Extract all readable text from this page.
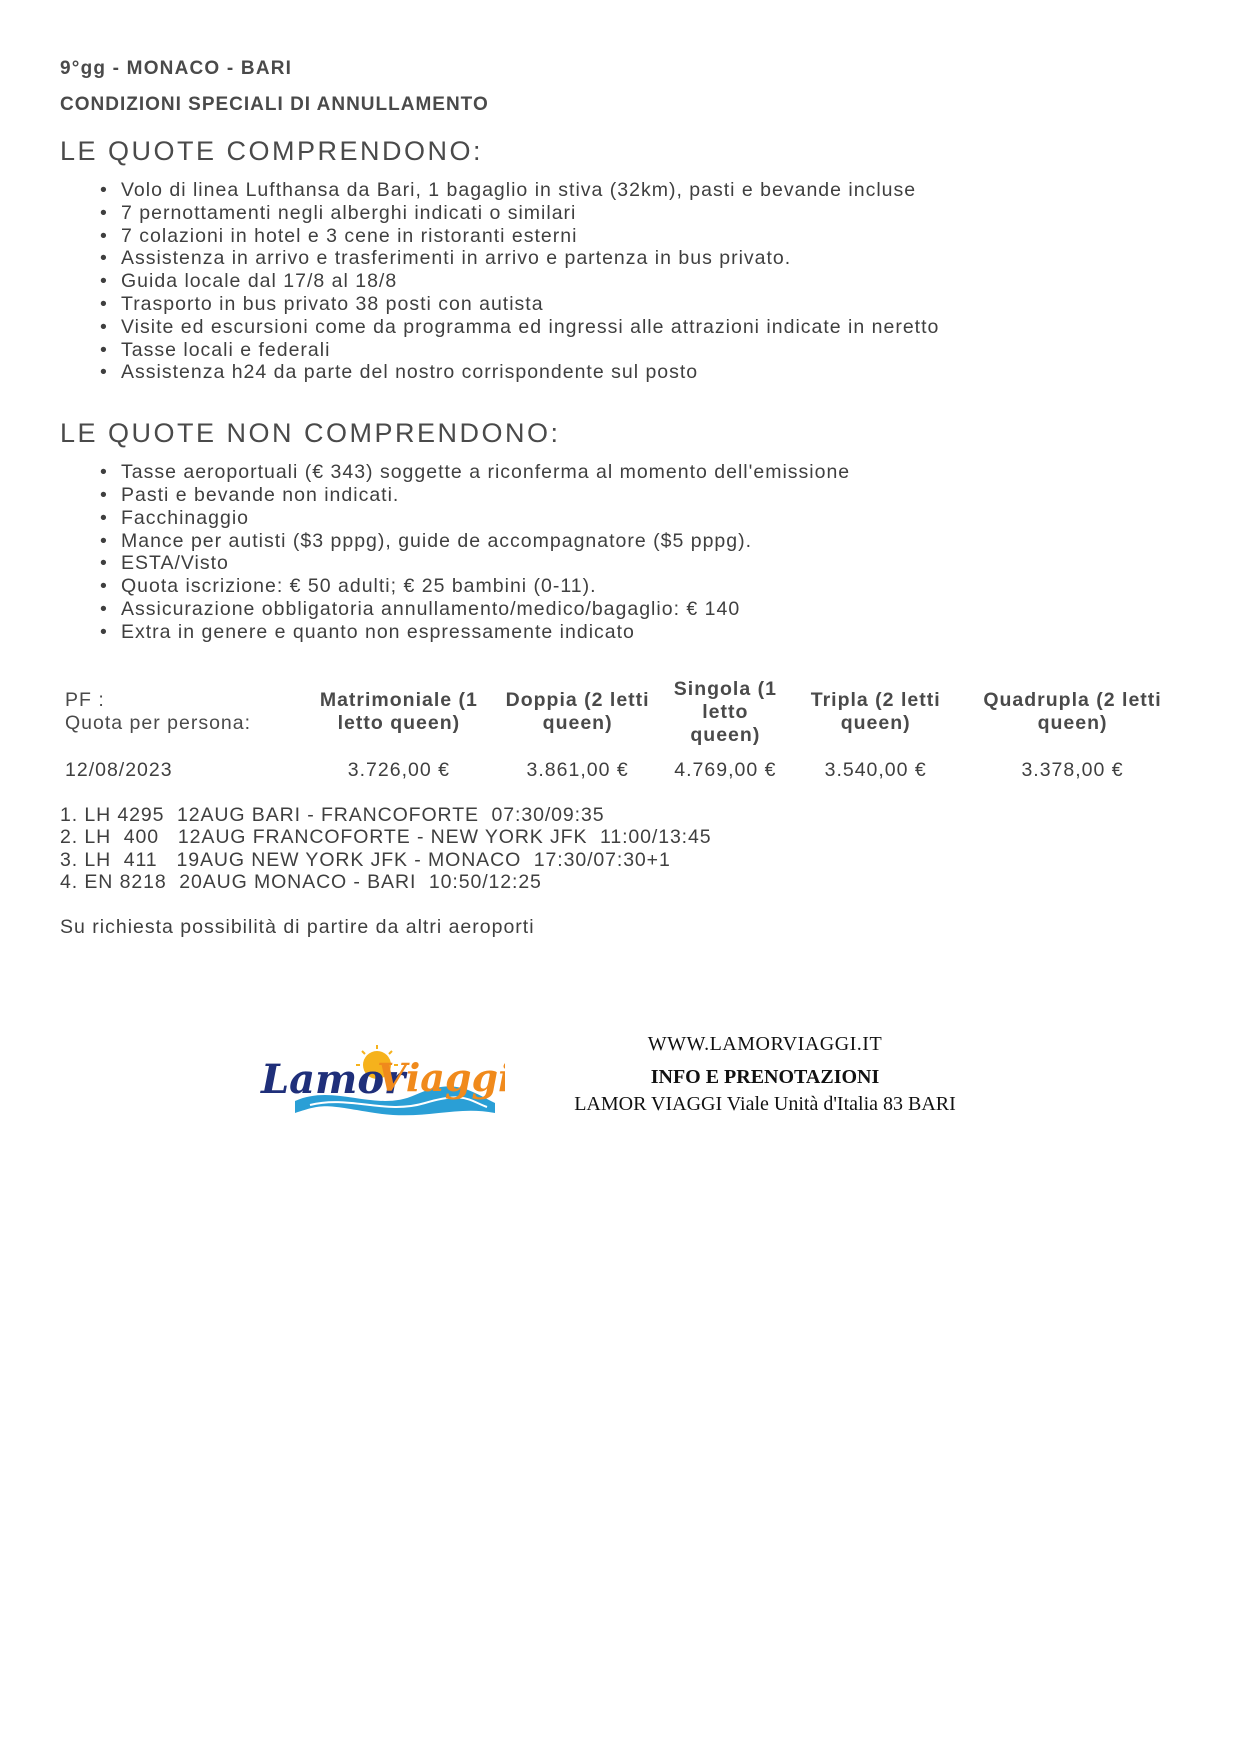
9°gg - MONACO - BARI

CONDIZIONI SPECIALI DI ANNULLAMENTO

LE QUOTE COMPRENDONO:
• Volo di linea Lufthansa da Bari, 1 bagaglio in stiva (32km), pasti e bevande incluse
• 7 pernottamenti negli alberghi indicati o similari
• 7 colazioni in hotel e 3 cene in ristoranti esterni
• Assistenza in arrivo e trasferimenti in arrivo e partenza in bus privato.
• Guida locale dal 17/8 al 18/8
• Trasporto in bus privato 38 posti con autista
• Visite ed escursioni come da programma ed ingressi alle attrazioni indicate in neretto
• Tasse locali e federali
• Assistenza h24 da parte del nostro corrispondente sul posto
LE QUOTE NON COMPRENDONO:
• Tasse aeroportuali (€ 343) soggette a riconferma al momento dell'emissione
• Pasti e bevande non indicati.
• Facchinaggio
• Mance per autisti ($3 pppg), guide de accompagnatore ($5 pppg).
• ESTA/Visto
• Quota iscrizione: € 50 adulti; € 25 bambini (0-11).
• Assicurazione obbligatoria annullamento/medico/bagaglio: € 140
• Extra in genere e quanto non espressamente indicato
PF :
Quota per persona:	Matrimoniale (1 letto queen)	Doppia (2 letti queen)	Singola (1 letto queen)	Tripla (2 letti queen)	Quadrupla (2 letti queen)
12/08/2023	3.726,00 €	3.861,00 €	4.769,00 €	3.540,00 €	3.378,00 €
1. LH 4295  12AUG BARI - FRANCOFORTE  07:30/09:35
2. LH  400   12AUG FRANCOFORTE - NEW YORK JFK  11:00/13:45
3. LH  411   19AUG NEW YORK JFK - MONACO  17:30/07:30+1
4. EN 8218  20AUG MONACO - BARI  10:50/12:25

Su richiesta possibilità di partire da altri aeroporti

Lamor
Viaggi

WWW.LAMORVIAGGI.IT

INFO E PRENOTAZIONI

LAMOR VIAGGI Viale Unità d'Italia 83 BARI
